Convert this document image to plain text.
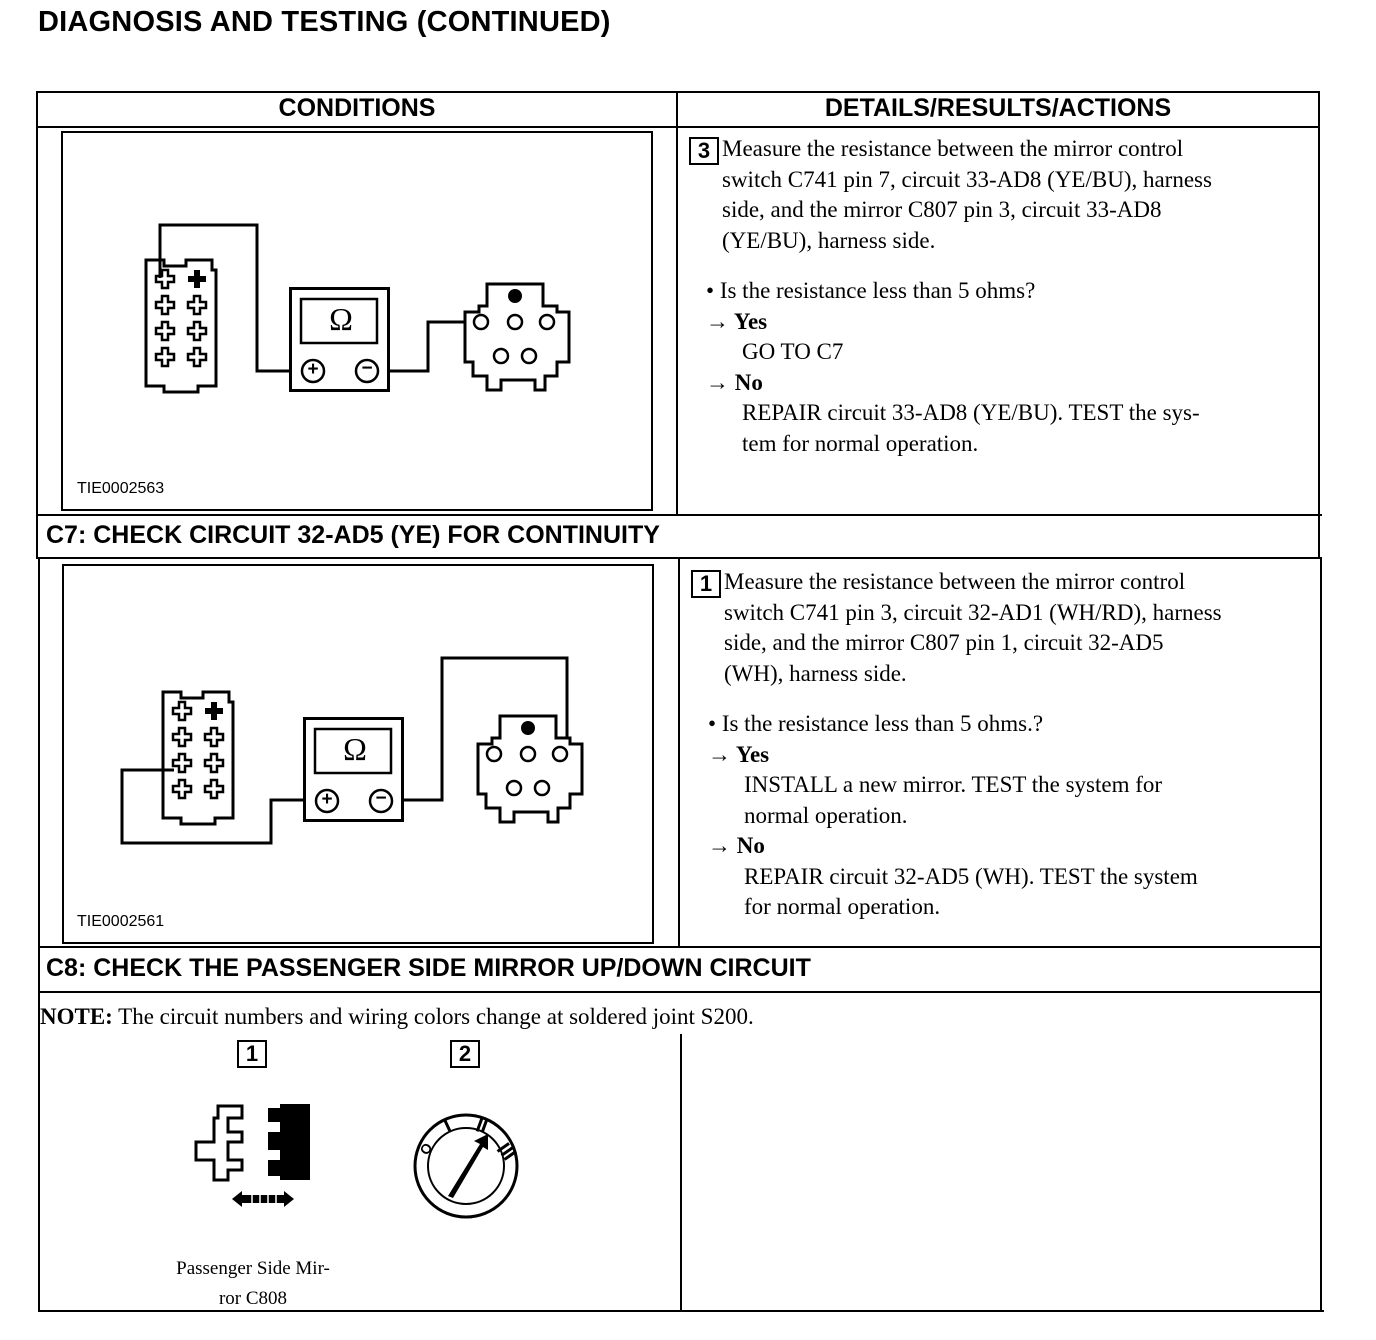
DIAGNOSIS AND TESTING (CONTINUED)
CONDITIONS	DETAILS/RESULTS/ACTIONS
TIE0002563
Ω
+ −
3 Measure the resistance between the mirror control
switch C741 pin 7, circuit 33-AD8 (YE/BU), harness
side, and the mirror C807 pin 3, circuit 33-AD8
(YE/BU), harness side.
• Is the resistance less than 5 ohms?
→ Yes
GO TO C7
→ No
REPAIR circuit 33-AD8 (YE/BU). TEST the sys-
tem for normal operation.
C7: CHECK CIRCUIT 32-AD5 (YE) FOR CONTINUITY
TIE0002561
Ω
+ −
1 Measure the resistance between the mirror control
switch C741 pin 3, circuit 32-AD1 (WH/RD), harness
side, and the mirror C807 pin 1, circuit 32-AD5
(WH), harness side.
• Is the resistance less than 5 ohms.?
→ Yes
INSTALL a new mirror. TEST the system for
normal operation.
→ No
REPAIR circuit 32-AD5 (WH). TEST the system
for normal operation.
C8: CHECK THE PASSENGER SIDE MIRROR UP/DOWN CIRCUIT
NOTE: The circuit numbers and wiring colors change at soldered joint S200.
1	2
O
Passenger Side Mir-
ror C808
